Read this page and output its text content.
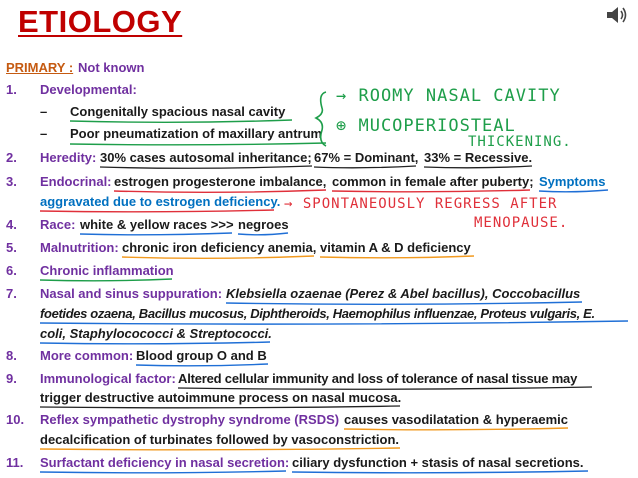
ETIOLOGY
PRIMARY : Not known
1. Developmental:
– Congenitally spacious nasal cavity
– Poor pneumatization of maxillary antrum
2. Heredity: 30% cases autosomal inheritance; 67% = Dominant, 33% = Recessive.
3. Endocrinal: estrogen progesterone imbalance, common in female after puberty; Symptoms
aggravated due to estrogen deficiency.
4. Race: white & yellow races >>> negroes
5. Malnutrition: chronic iron deficiency anemia, vitamin A & D deficiency
6. Chronic inflammation
7. Nasal and sinus suppuration: Klebsiella ozaenae (Perez & Abel bacillus), Coccobacillus
foetides ozaena, Bacillus mucosus, Diphtheroids, Haemophilus influenzae, Proteus vulgaris, E.
coli, Staphylocococci & Streptococci.
8. More common: Blood group O and B
9. Immunological factor: Altered cellular immunity and loss of tolerance of nasal tissue may
trigger destructive autoimmune process on nasal mucosa.
10. Reflex sympathetic dystrophy syndrome (RSDS) causes vasodilatation & hyperaemic
decalcification of turbinates followed by vasoconstriction.
11. Surfactant deficiency in nasal secretion: ciliary dysfunction + stasis of nasal secretions.
→ ROOMY NASAL CAVITY
⊕ MUCOPERIOSTEAL
THICKENING.
→ SPONTANEOUSLY REGRESS AFTER
MENOPAUSE.
